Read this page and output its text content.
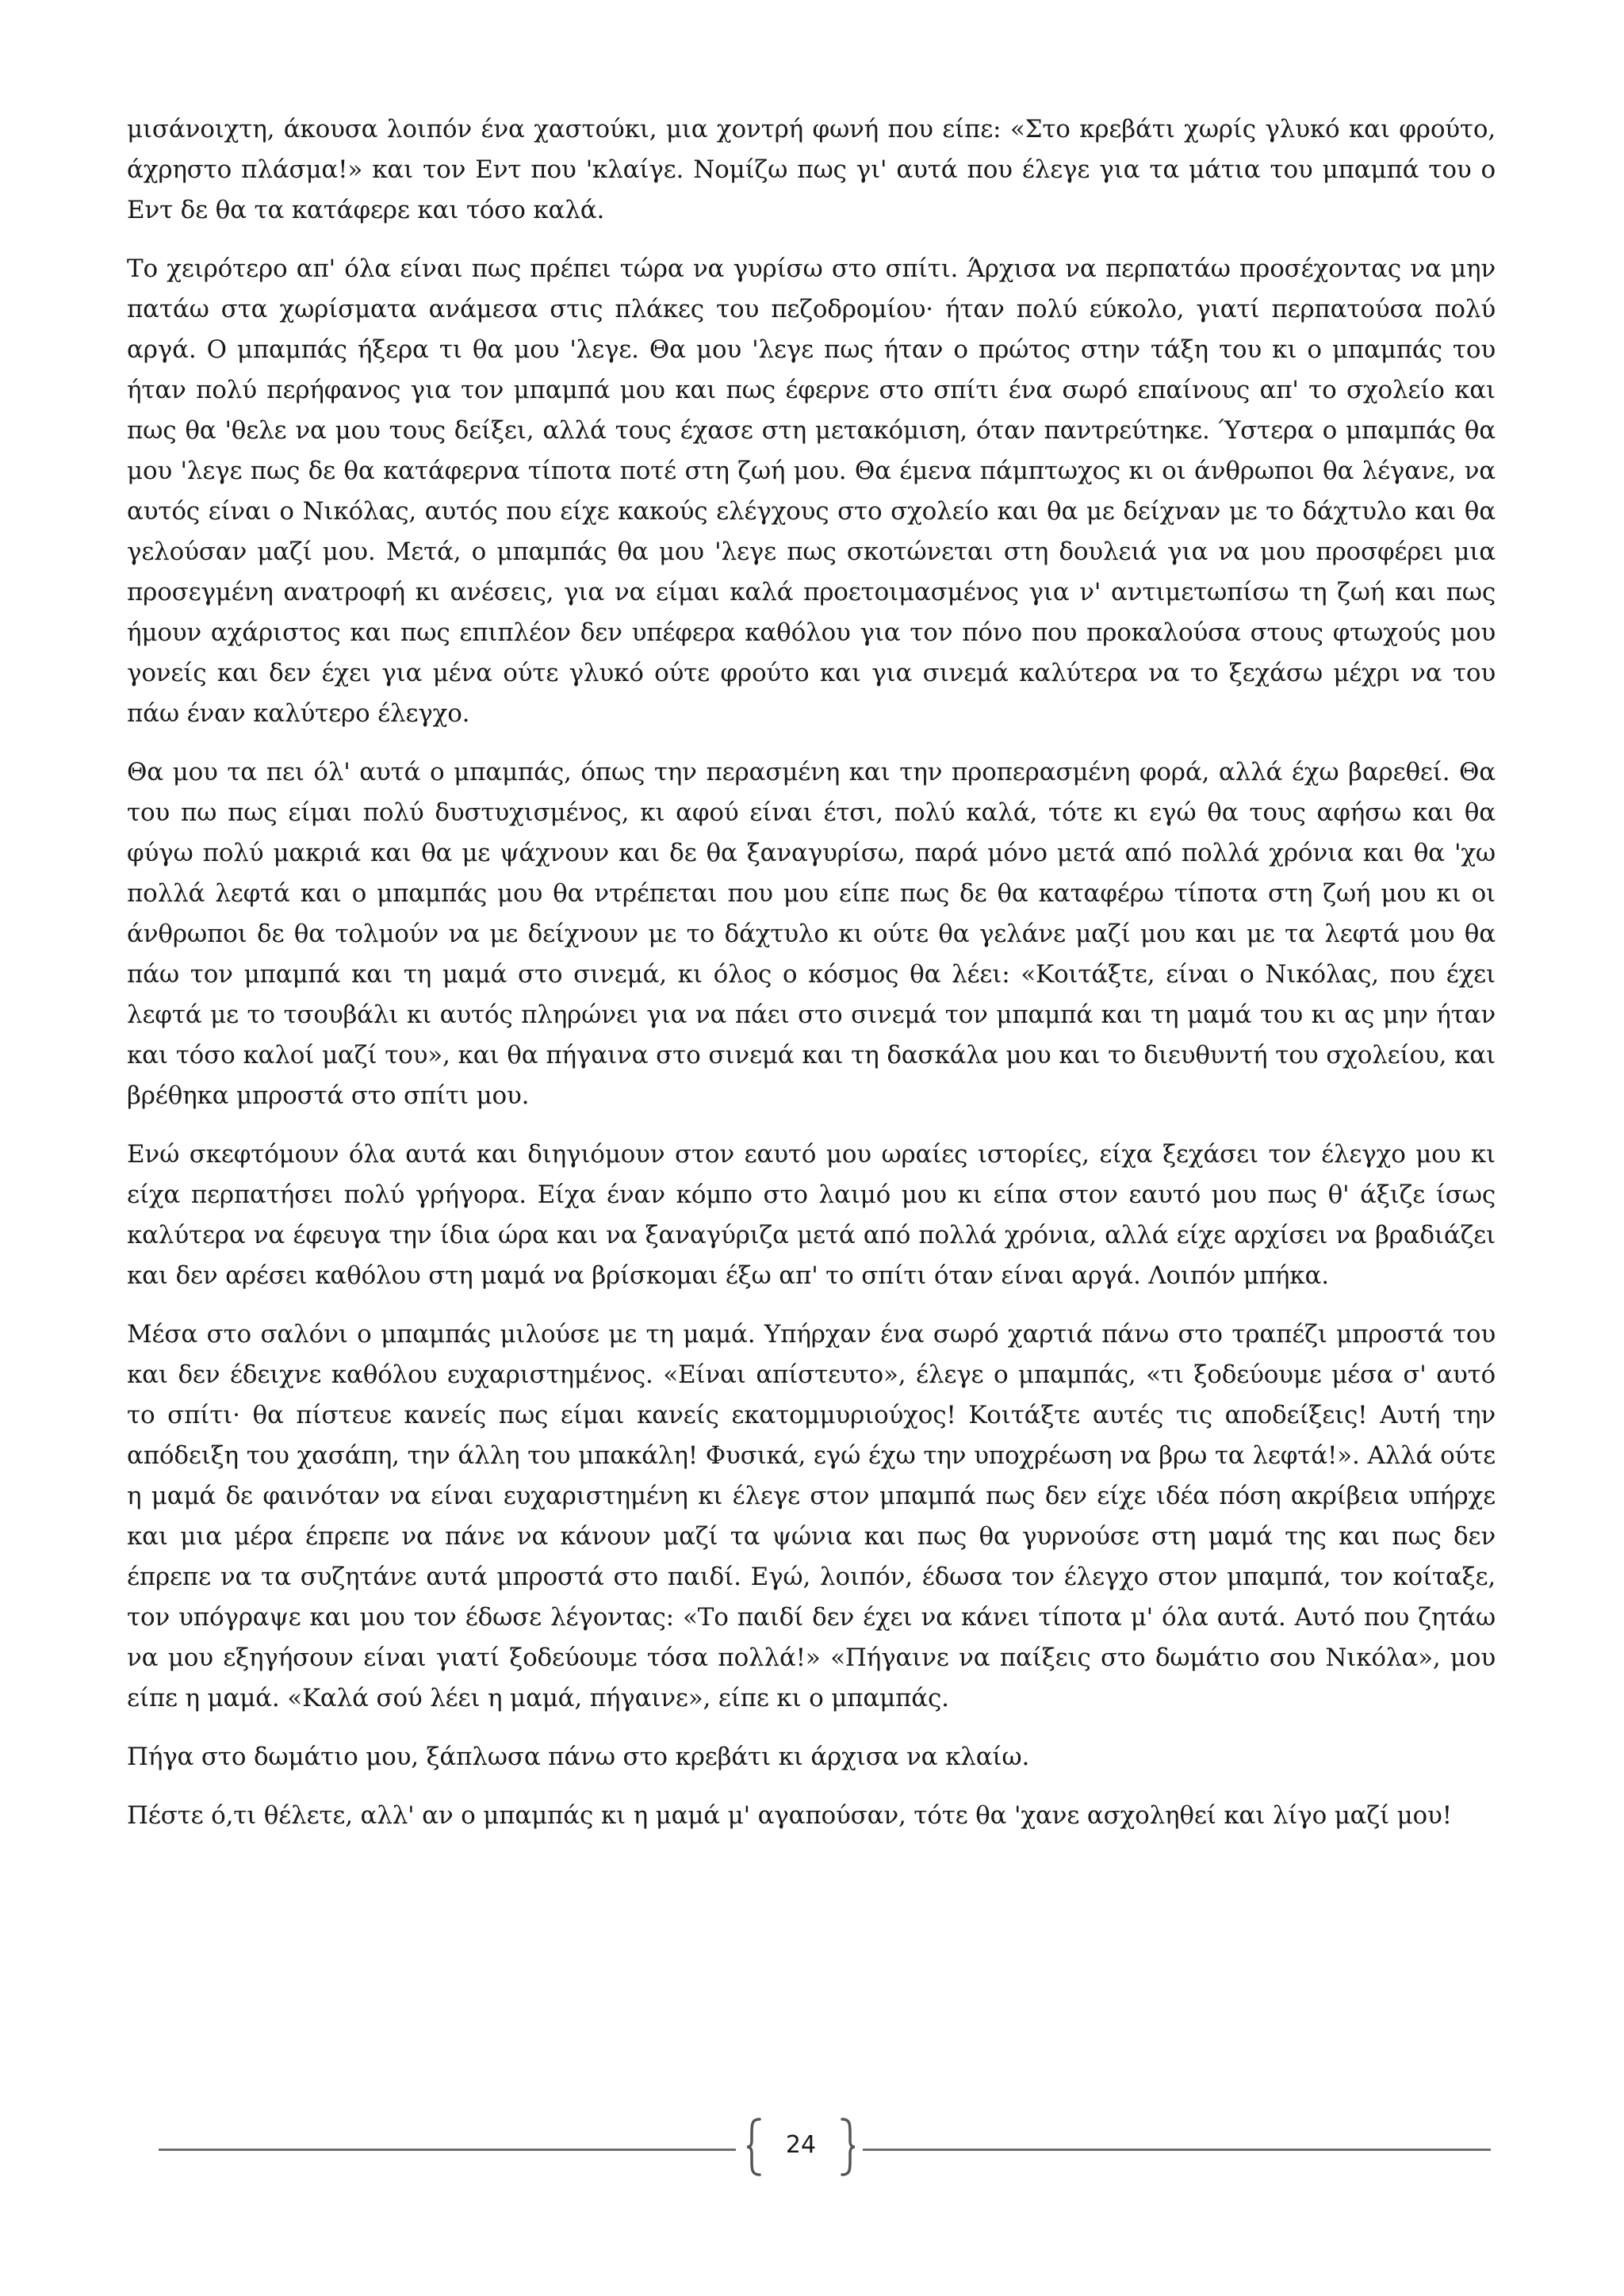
μισάνοιχτη, άκουσα λοιπόν ένα χαστούκι, μια χοντρή φωνή που είπε: «Στο κρεβάτι χωρίς γλυκό και φρούτο, άχρηστο πλάσμα!» και τον Εντ που 'κλαίγε. Νομίζω πως γι' αυτά που έλεγε για τα μάτια του μπαμπά του ο Εντ δε θα τα κατάφερε και τόσο καλά.

Το χειρότερο απ' όλα είναι πως πρέπει τώρα να γυρίσω στο σπίτι. Άρχισα να περπατάω προσέχοντας να μην πατάω στα χωρίσματα ανάμεσα στις πλάκες του πεζοδρομίου· ήταν πολύ εύκολο, γιατί περπατούσα πολύ αργά. Ο μπαμπάς ήξερα τι θα μου 'λεγε. Θα μου 'λεγε πως ήταν ο πρώτος στην τάξη του κι ο μπαμπάς του ήταν πολύ περήφανος για τον μπαμπά μου και πως έφερνε στο σπίτι ένα σωρό επαίνους απ' το σχολείο και πως θα 'θελε να μου τους δείξει, αλλά τους έχασε στη μετακόμιση, όταν παντρεύτηκε. Ύστερα ο μπαμπάς θα μου 'λεγε πως δε θα κατάφερνα τίποτα ποτέ στη ζωή μου. Θα έμενα πάμπτωχος κι οι άνθρωποι θα λέγανε, να αυτός είναι ο Νικόλας, αυτός που είχε κακούς ελέγχους στο σχολείο και θα με δείχναν με το δάχτυλο και θα γελούσαν μαζί μου. Μετά, ο μπαμπάς θα μου 'λεγε πως σκοτώνεται στη δουλειά για να μου προσφέρει μια προσεγμένη ανατροφή κι ανέσεις, για να είμαι καλά προετοιμασμένος για ν' αντιμετωπίσω τη ζωή και πως ήμουν αχάριστος και πως επιπλέον δεν υπέφερα καθόλου για τον πόνο που προκαλούσα στους φτωχούς μου γονείς και δεν έχει για μένα ούτε γλυκό ούτε φρούτο και για σινεμά καλύτερα να το ξεχάσω μέχρι να του πάω έναν καλύτερο έλεγχο.

Θα μου τα πει όλ' αυτά ο μπαμπάς, όπως την περασμένη και την προπερασμένη φορά, αλλά έχω βαρεθεί. Θα του πω πως είμαι πολύ δυστυχισμένος, κι αφού είναι έτσι, πολύ καλά, τότε κι εγώ θα τους αφήσω και θα φύγω πολύ μακριά και θα με ψάχνουν και δε θα ξαναγυρίσω, παρά μόνο μετά από πολλά χρόνια και θα 'χω πολλά λεφτά και ο μπαμπάς μου θα ντρέπεται που μου είπε πως δε θα καταφέρω τίποτα στη ζωή μου κι οι άνθρωποι δε θα τολμούν να με δείχνουν με το δάχτυλο κι ούτε θα γελάνε μαζί μου και με τα λεφτά μου θα πάω τον μπαμπά και τη μαμά στο σινεμά, κι όλος ο κόσμος θα λέει: «Κοιτάξτε, είναι ο Νικόλας, που έχει λεφτά με το τσουβάλι κι αυτός πληρώνει για να πάει στο σινεμά τον μπαμπά και τη μαμά του κι ας μην ήταν και τόσο καλοί μαζί του», και θα πήγαινα στο σινεμά και τη δασκάλα μου και το διευθυντή του σχολείου, και βρέθηκα μπροστά στο σπίτι μου.

Ενώ σκεφτόμουν όλα αυτά και διηγιόμουν στον εαυτό μου ωραίες ιστορίες, είχα ξεχάσει τον έλεγχο μου κι είχα περπατήσει πολύ γρήγορα. Είχα έναν κόμπο στο λαιμό μου κι είπα στον εαυτό μου πως θ' άξιζε ίσως καλύτερα να έφευγα την ίδια ώρα και να ξαναγύριζα μετά από πολλά χρόνια, αλλά είχε αρχίσει να βραδιάζει και δεν αρέσει καθόλου στη μαμά να βρίσκομαι έξω απ' το σπίτι όταν είναι αργά. Λοιπόν μπήκα.

Μέσα στο σαλόνι ο μπαμπάς μιλούσε με τη μαμά. Υπήρχαν ένα σωρό χαρτιά πάνω στο τραπέζι μπροστά του και δεν έδειχνε καθόλου ευχαριστημένος. «Είναι απίστευτο», έλεγε ο μπαμπάς, «τι ξοδεύουμε μέσα σ' αυτό το σπίτι· θα πίστευε κανείς πως είμαι κανείς εκατομμυριούχος! Κοιτάξτε αυτές τις αποδείξεις! Αυτή την απόδειξη του χασάπη, την άλλη του μπακάλη! Φυσικά, εγώ έχω την υποχρέωση να βρω τα λεφτά!». Αλλά ούτε η μαμά δε φαινόταν να είναι ευχαριστημένη κι έλεγε στον μπαμπά πως δεν είχε ιδέα πόση ακρίβεια υπήρχε και μια μέρα έπρεπε να πάνε να κάνουν μαζί τα ψώνια και πως θα γυρνούσε στη μαμά της και πως δεν έπρεπε να τα συζητάνε αυτά μπροστά στο παιδί. Εγώ, λοιπόν, έδωσα τον έλεγχο στον μπαμπά, τον κοίταξε, τον υπόγραψε και μου τον έδωσε λέγοντας: «Το παιδί δεν έχει να κάνει τίποτα μ' όλα αυτά. Αυτό που ζητάω να μου εξηγήσουν είναι γιατί ξοδεύουμε τόσα πολλά!» «Πήγαινε να παίξεις στο δωμάτιο σου Νικόλα», μου είπε η μαμά. «Καλά σού λέει η μαμά, πήγαινε», είπε κι ο μπαμπάς.

Πήγα στο δωμάτιο μου, ξάπλωσα πάνω στο κρεβάτι κι άρχισα να κλαίω.

Πέστε ό,τι θέλετε, αλλ' αν ο μπαμπάς κι η μαμά μ' αγαπούσαν, τότε θα 'χανε ασχοληθεί και λίγο μαζί μου!

24
